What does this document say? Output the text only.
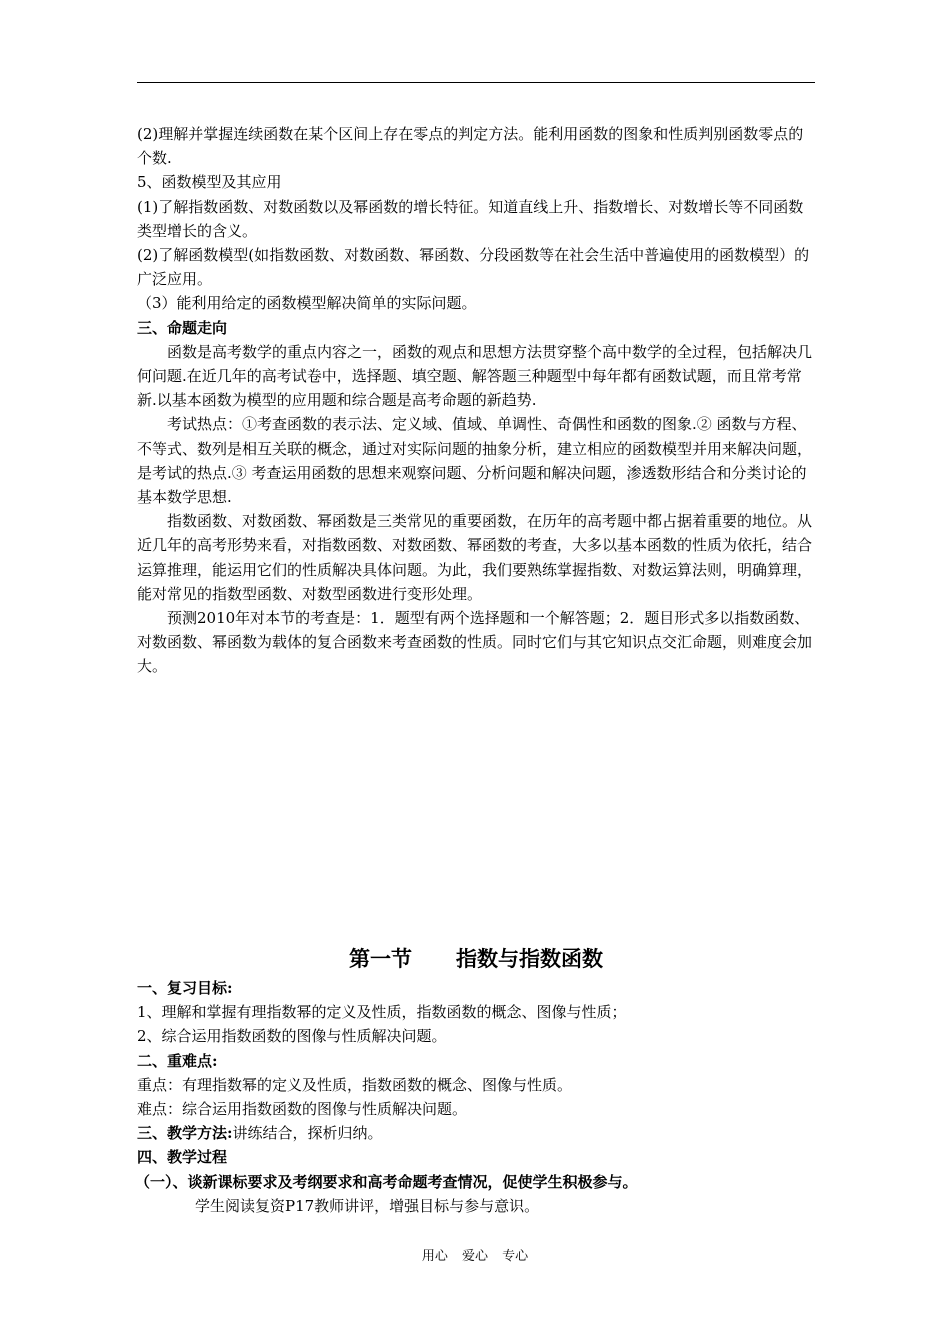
(2)理解并掌握连续函数在某个区间上存在零点的判定方法。能利用函数的图象和性质判别函数零点的个数.

5、函数模型及其应用

(1)了解指数函数、对数函数以及幂函数的增长特征。知道直线上升、指数增长、对数增长等不同函数类型增长的含义。

(2)了解函数模型(如指数函数、对数函数、幂函数、分段函数等在社会生活中普遍使用的函数模型）的广泛应用。

（3）能利用给定的函数模型解决简单的实际问题。

三、命题走向

函数是高考数学的重点内容之一，函数的观点和思想方法贯穿整个高中数学的全过程，包括解决几何问题.在近几年的高考试卷中，选择题、填空题、解答题三种题型中每年都有函数试题，而且常考常新.以基本函数为模型的应用题和综合题是高考命题的新趋势.

考试热点：①考查函数的表示法、定义域、值域、单调性、奇偶性和函数的图象.② 函数与方程、不等式、数列是相互关联的概念，通过对实际问题的抽象分析，建立相应的函数模型并用来解决问题，是考试的热点.③ 考查运用函数的思想来观察问题、分析问题和解决问题，渗透数形结合和分类讨论的基本数学思想.

指数函数、对数函数、幂函数是三类常见的重要函数，在历年的高考题中都占据着重要的地位。从近几年的高考形势来看，对指数函数、对数函数、幂函数的考查，大多以基本函数的性质为依托，结合运算推理，能运用它们的性质解决具体问题。为此，我们要熟练掌握指数、对数运算法则，明确算理，能对常见的指数型函数、对数型函数进行变形处理。

预测2010年对本节的考查是：1．题型有两个选择题和一个解答题；2．题目形式多以指数函数、对数函数、幂函数为载体的复合函数来考查函数的性质。同时它们与其它知识点交汇命题，则难度会加大。

第一节 指数与指数函数

一、复习目标:

1、理解和掌握有理指数幂的定义及性质，指数函数的概念、图像与性质；

2、综合运用指数函数的图像与性质解决问题。

二、重难点:

重点：有理指数幂的定义及性质，指数函数的概念、图像与性质。

难点：综合运用指数函数的图像与性质解决问题。

三、教学方法:讲练结合，探析归纳。

四、教学过程

（一）、谈新课标要求及考纲要求和高考命题考查情况，促使学生积极参与。

学生阅读复资P17教师讲评，增强目标与参与意识。

用心 爱心 专心
